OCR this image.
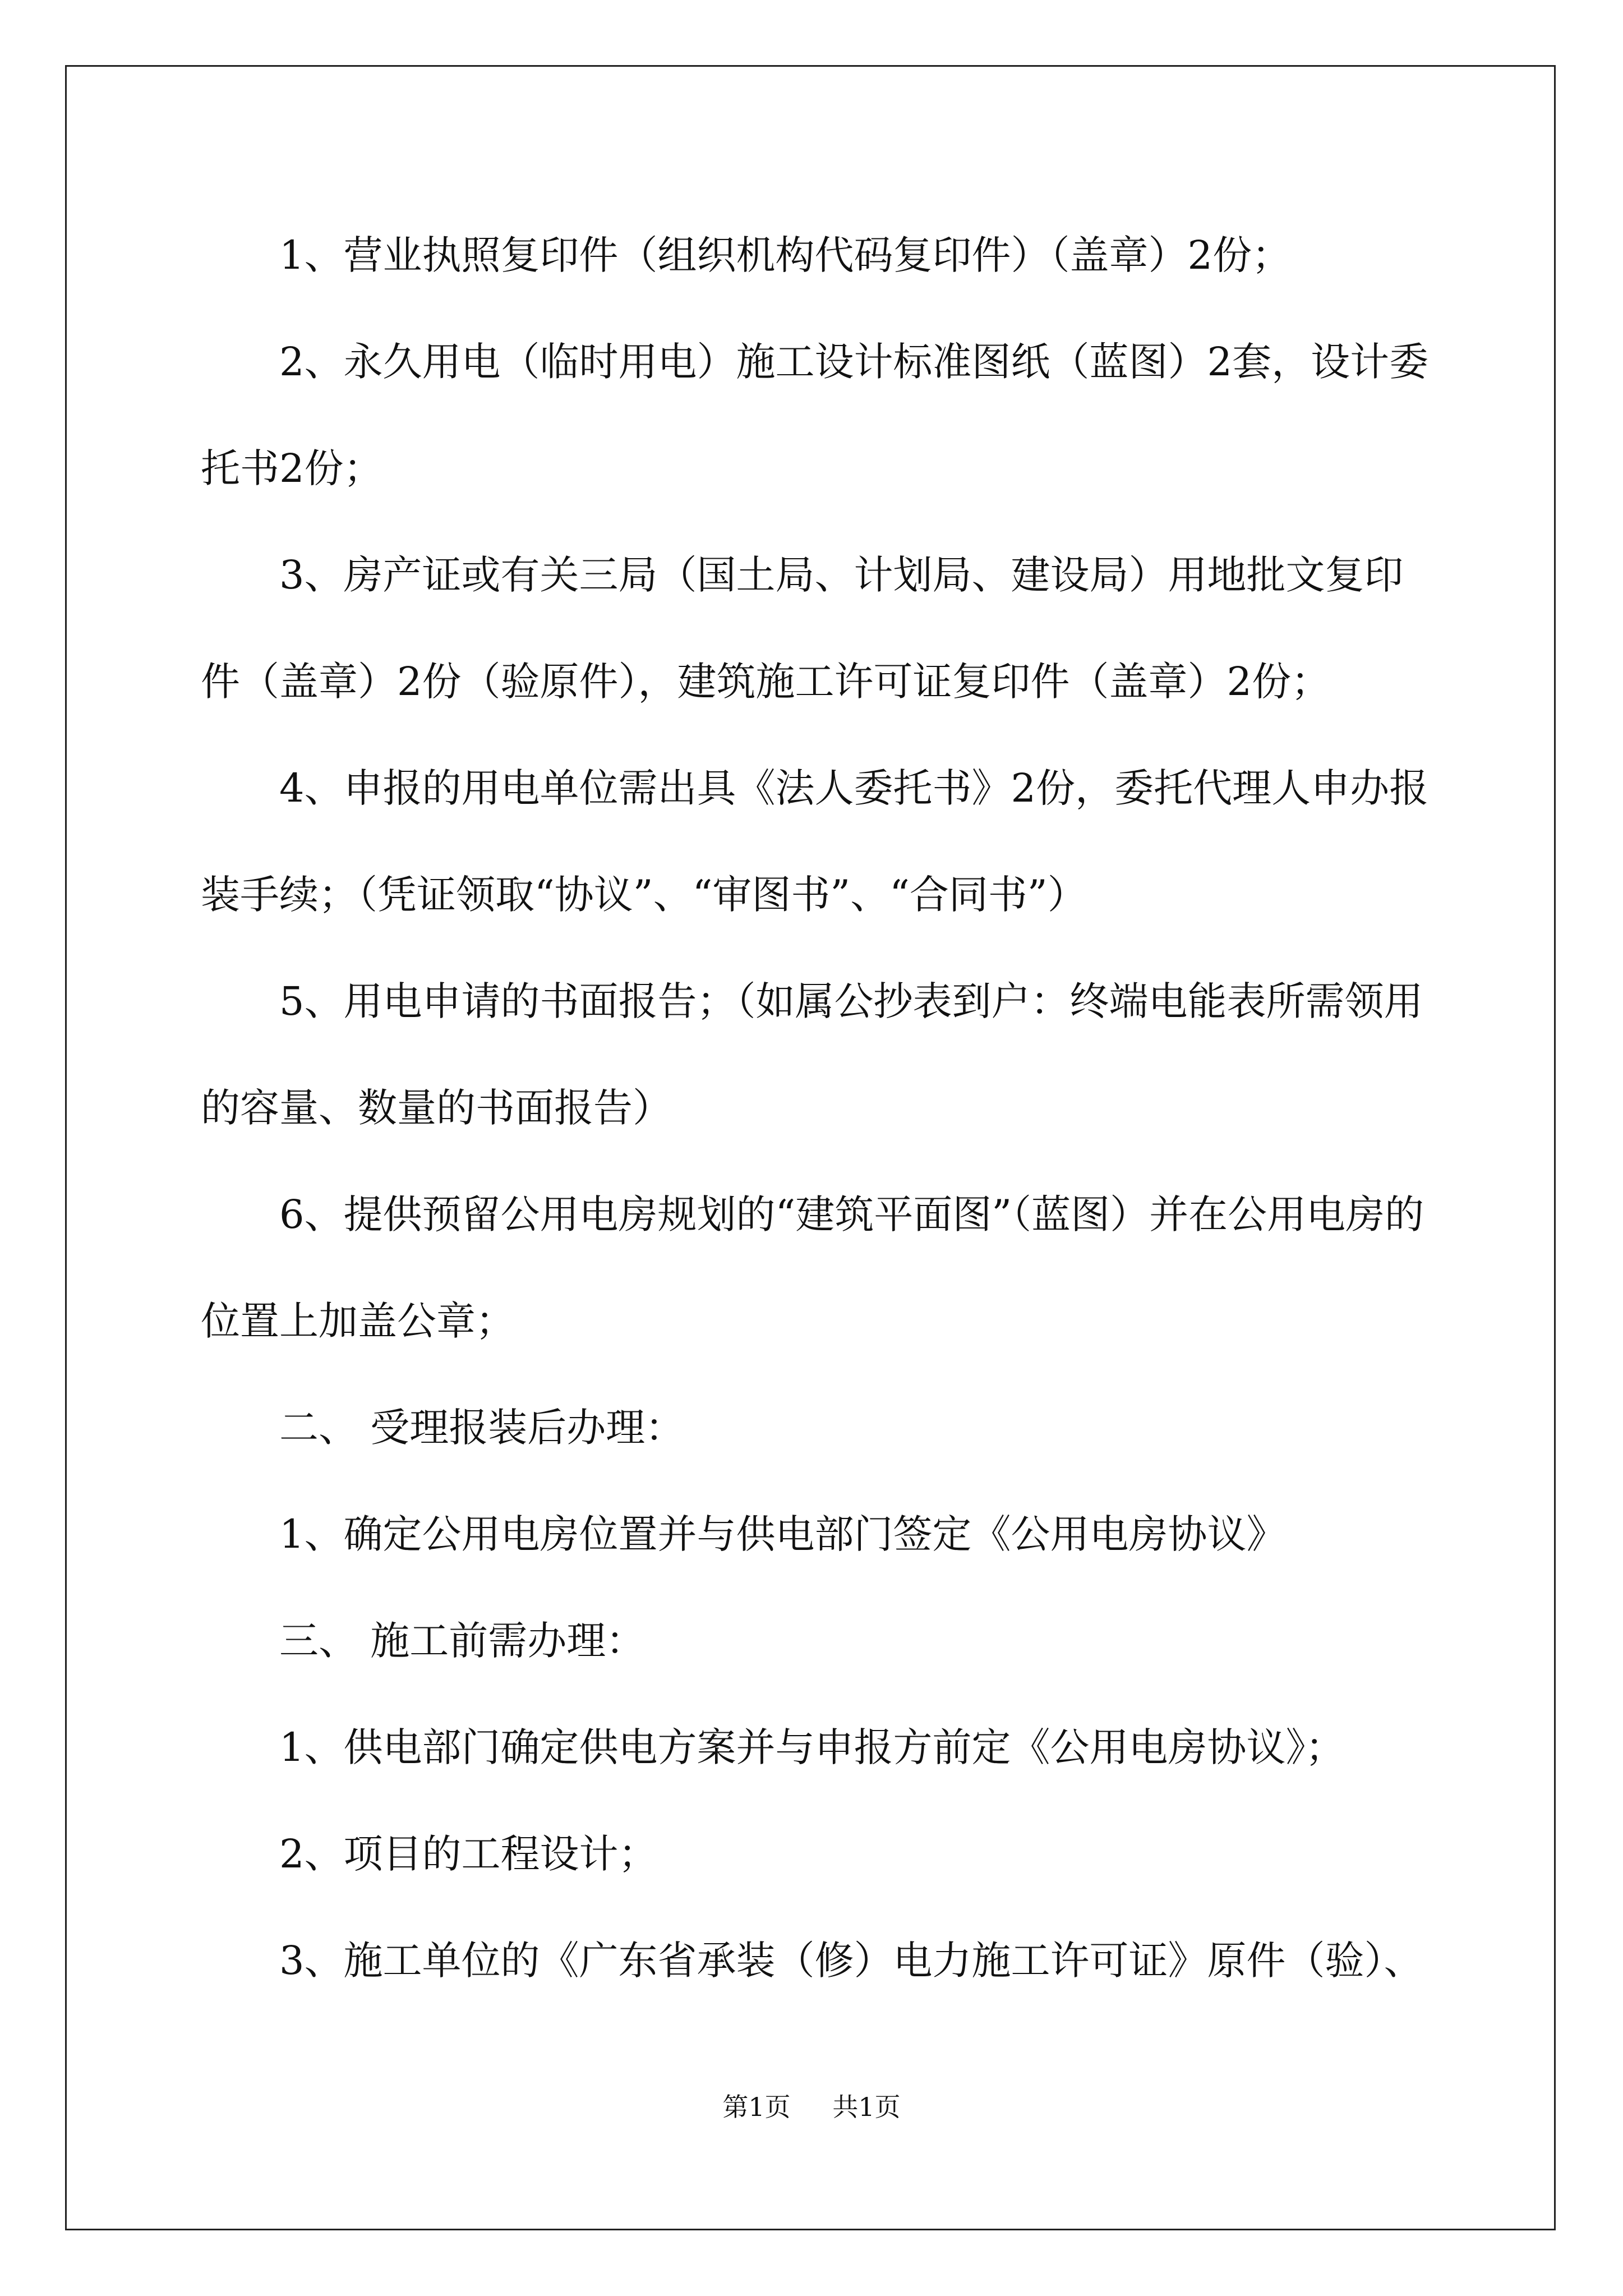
1、营业执照复印件（组织机构代码复印件）（盖章）2份；

2、永久用电（临时用电）施工设计标准图纸（蓝图）2套，设计委托书2份；

3、房产证或有关三局（国土局、计划局、建设局）用地批文复印件（盖章）2份（验原件），建筑施工许可证复印件（盖章）2份；

4、申报的用电单位需出具《法人委托书》2份，委托代理人申办报装手续；（凭证领取“协议”、“审图书”、“合同书”）

5、用电申请的书面报告；（如属公抄表到户：终端电能表所需领用的容量、数量的书面报告）

6、提供预留公用电房规划的“建筑平面图”（蓝图）并在公用电房的位置上加盖公章；

二、 受理报装后办理：

1、确定公用电房位置并与供电部门签定《公用电房协议》

三、 施工前需办理：

1、供电部门确定供电方案并与申报方前定《公用电房协议》；

2、项目的工程设计；

3、施工单位的《广东省承装（修）电力施工许可证》原件（验）、

第1页 共1页
